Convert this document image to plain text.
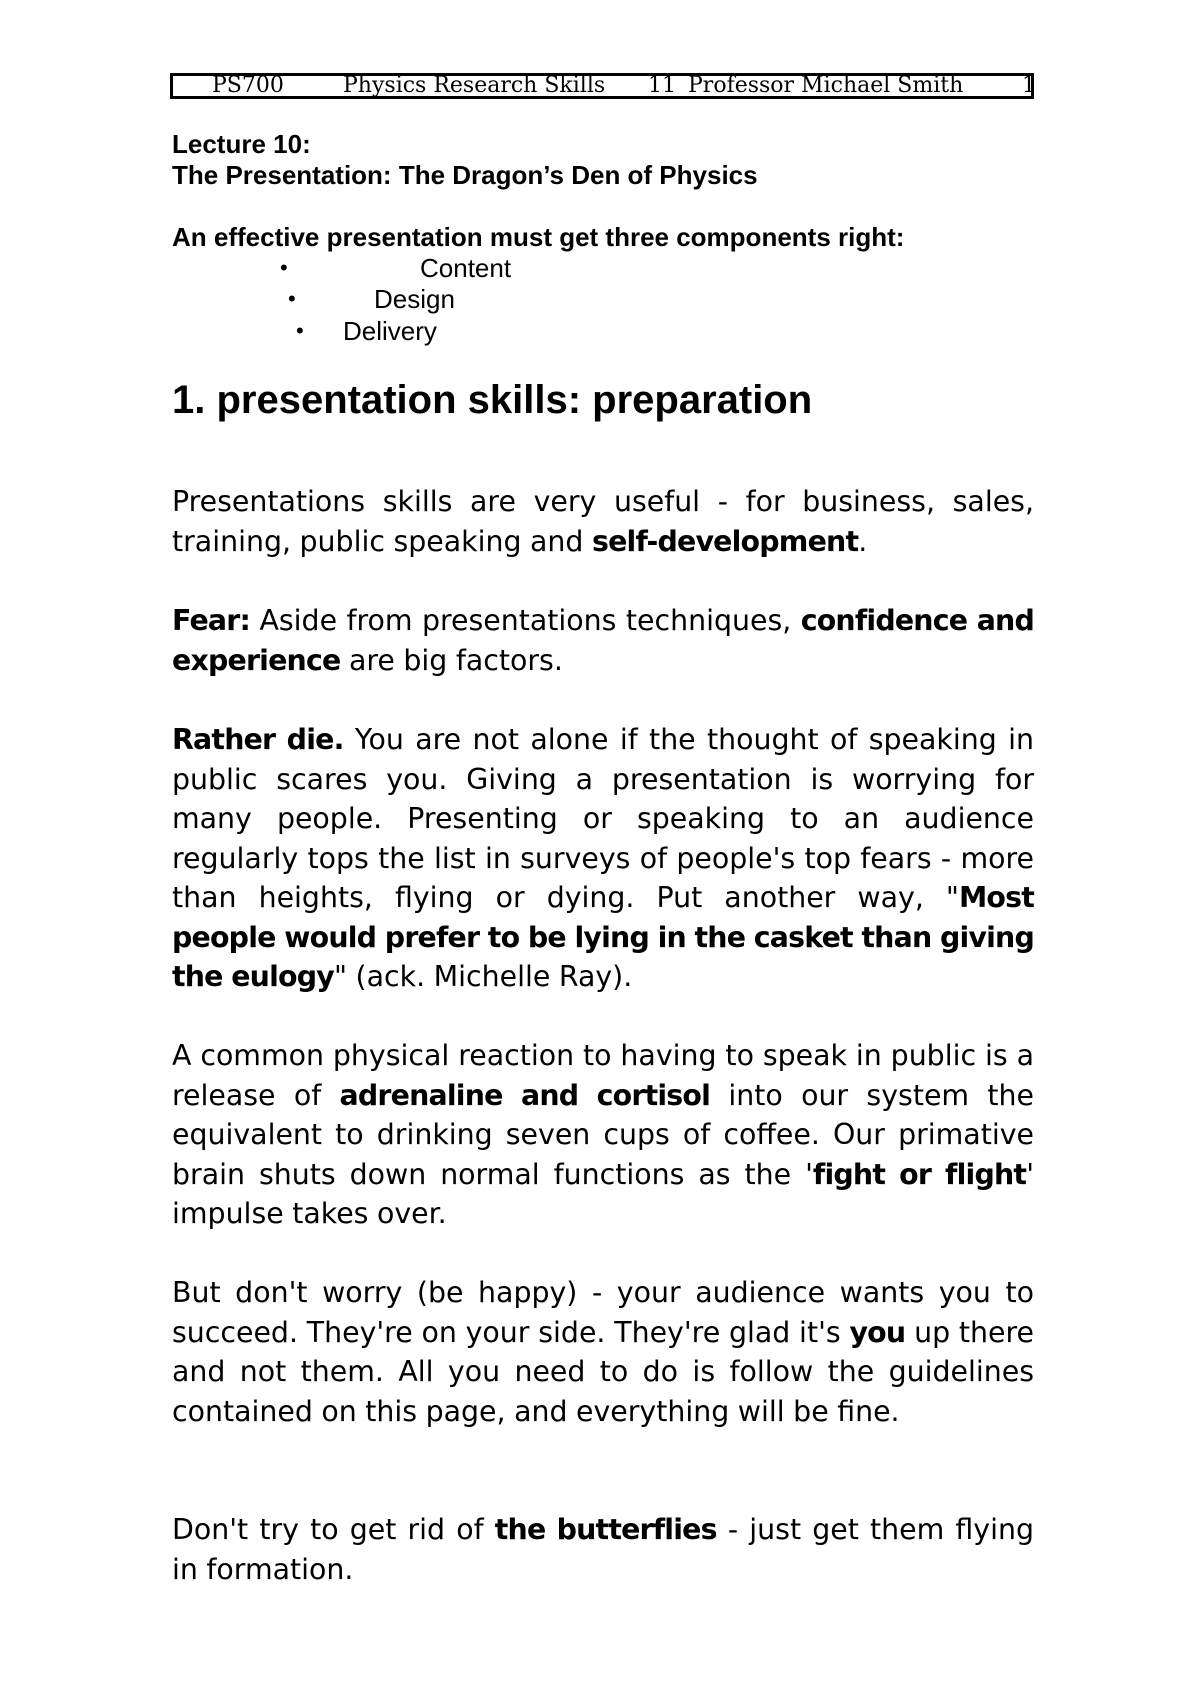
PS700	Physics Research Skills 11 Professor Michael Smith	1
Lecture 10:
The Presentation: The Dragon’s Den of Physics
An effective presentation must get three components right:
•	Content
•	Design
• Delivery
1. presentation skills: preparation
Presentations skills are very useful - for business, sales, training, public speaking and self-development.
Fear: Aside from presentations techniques, confidence and experience are big factors.
Rather die. You are not alone if the thought of speaking in public scares you. Giving a presentation is worrying for many people. Presenting or speaking to an audience regularly tops the list in surveys of people's top fears - more than heights, flying or dying. Put another way, "Most people would prefer to be lying in the casket than giving the eulogy" (ack. Michelle Ray).
A common physical reaction to having to speak in public is a release of adrenaline and cortisol into our system the equivalent to drinking seven cups of coffee. Our primative brain shuts down normal functions as the 'fight or flight' impulse takes over.
But don't worry (be happy) - your audience wants you to succeed. They're on your side. They're glad it's you up there and not them. All you need to do is follow the guidelines contained on this page, and everything will be fine.
Don't try to get rid of the butterflies - just get them flying in formation.
